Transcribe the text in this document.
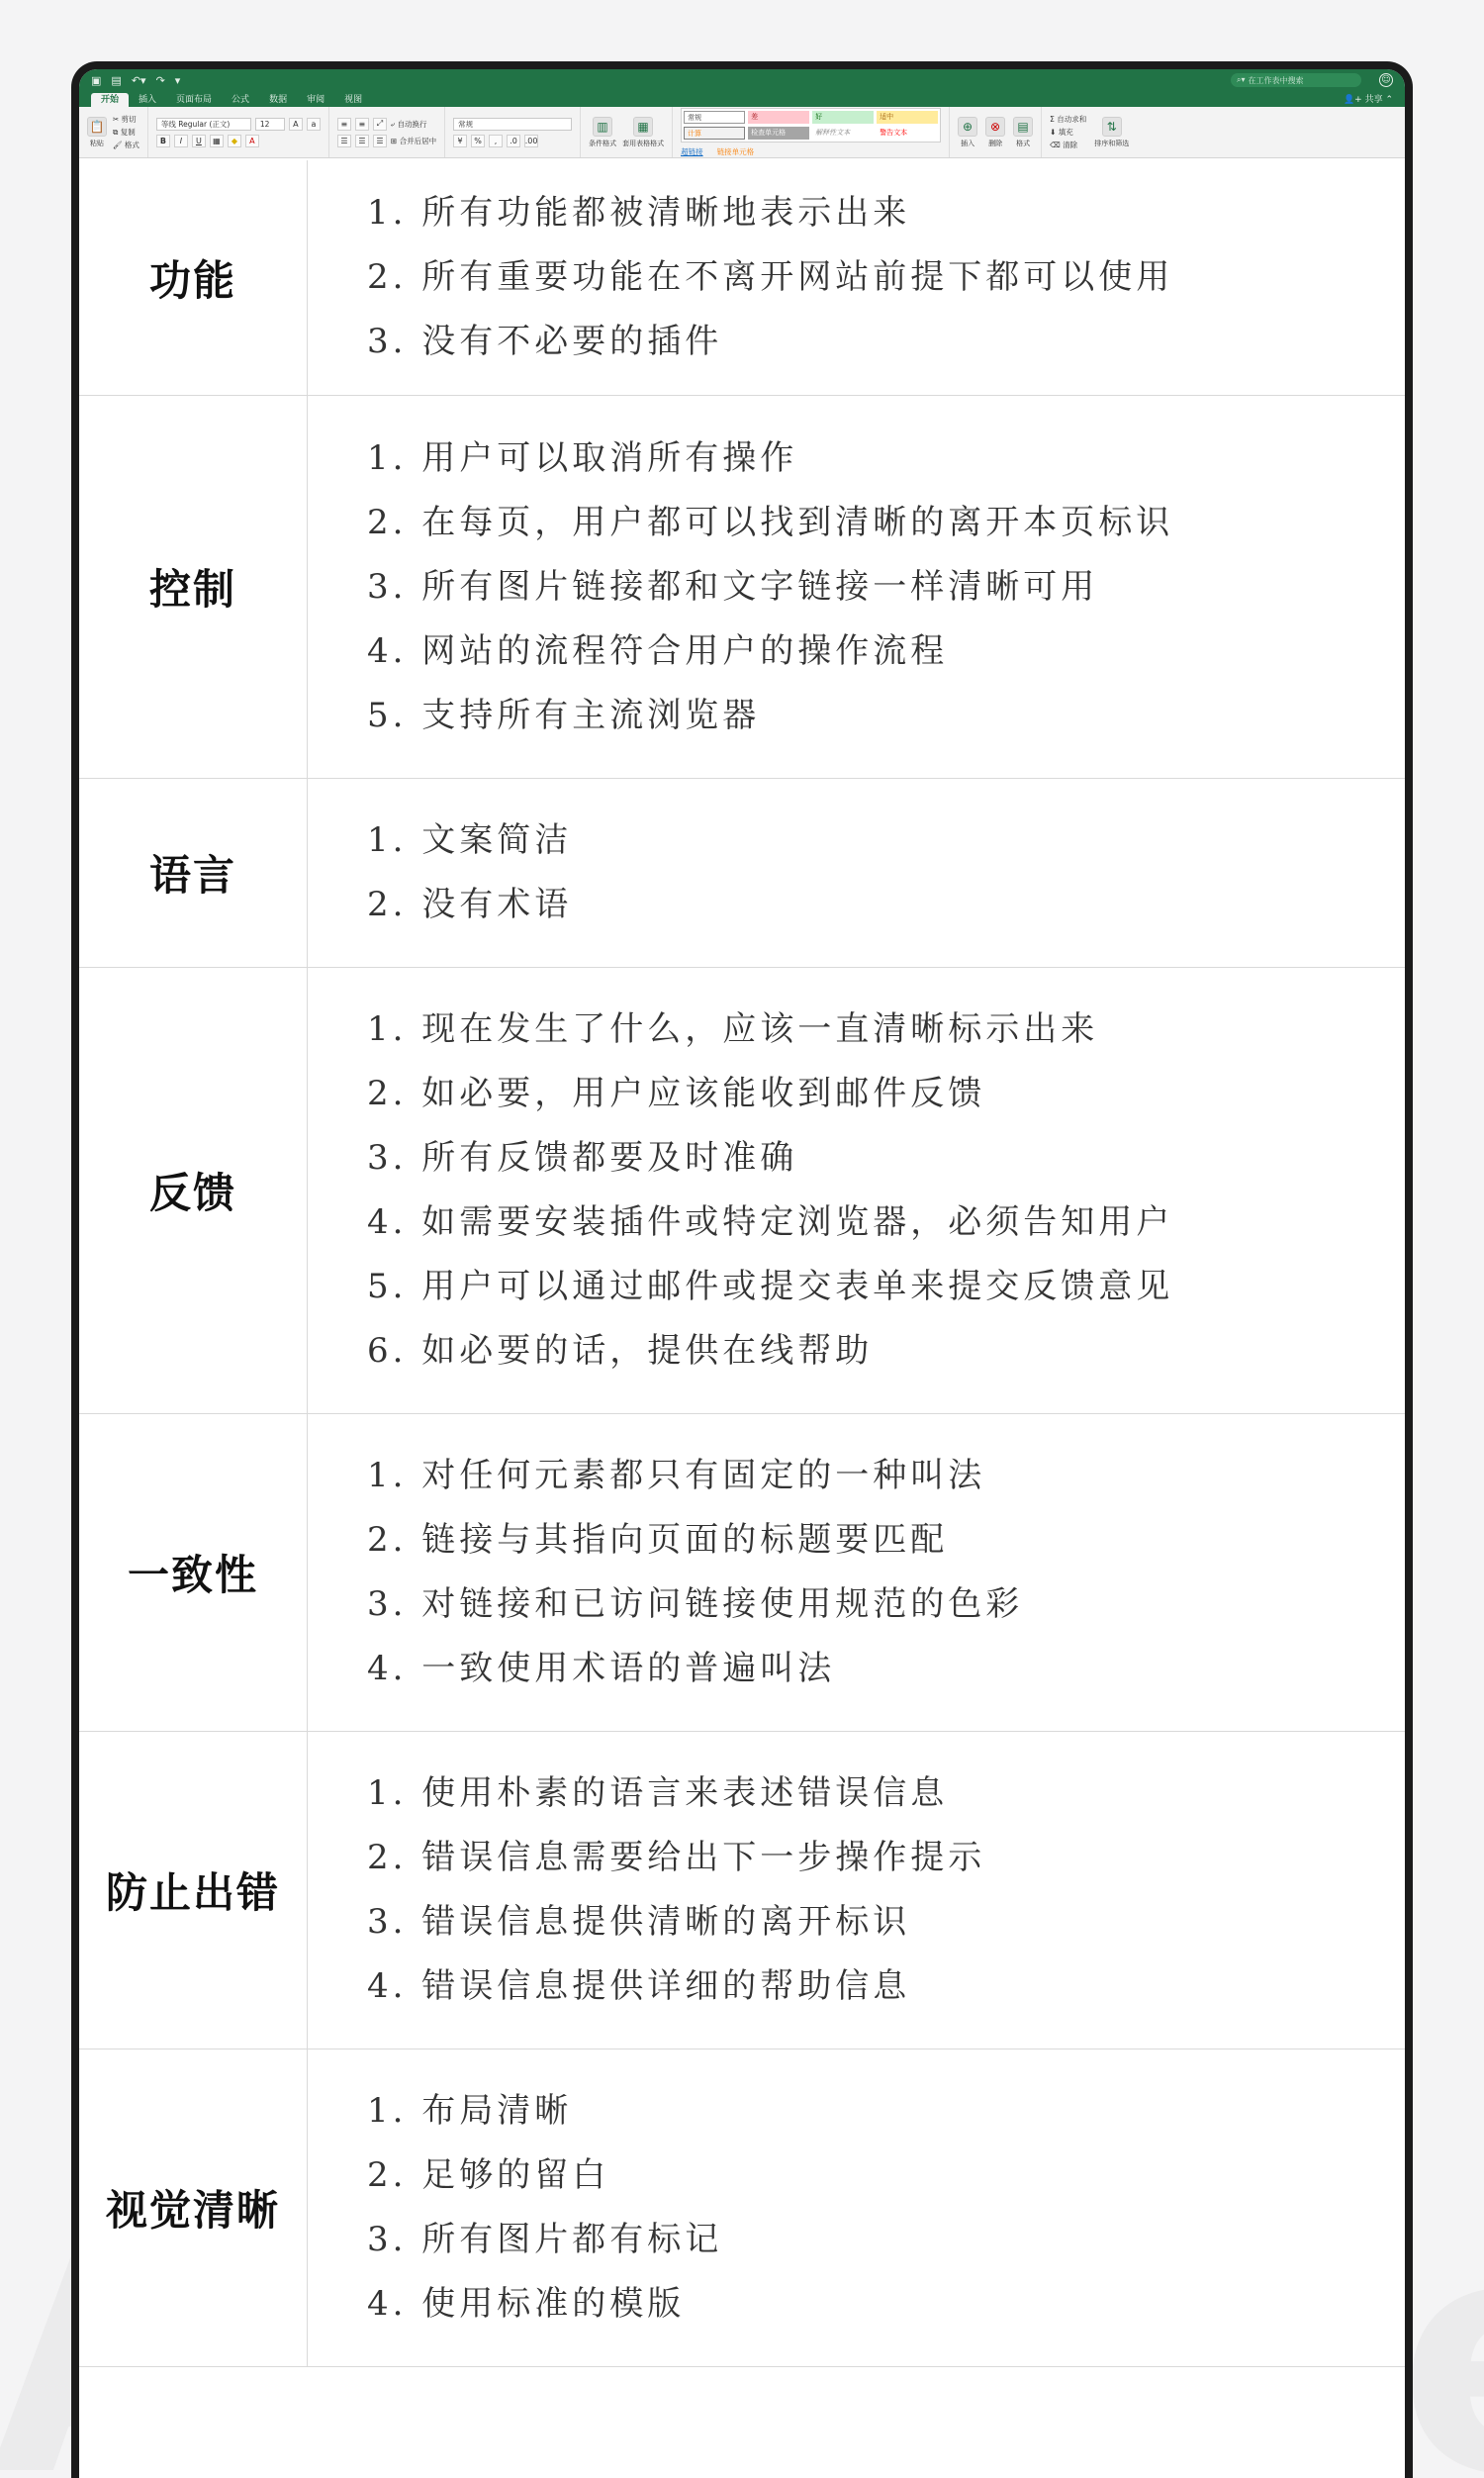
▣ ▤ ↶▾ ↷ ▾	⌕▾ 在工作表中搜索	☺
开始	插入	页面布局	公式	数据	审阅	视图	👤+ 共享 ⌃
📋
粘贴
✂ 剪切
⧉ 复制
🖌 格式
等线 Regular (正文)	12	A	a
B I U	▦	◆	A
≡	≡	⤢	⤶ 自动换行
☰	☰	☰ ⊞ 合并后居中
常规
¥	%	,	.0 .00
▥
条件格式
▦
套用表格格式
常规	差	好	适中
计算	检查单元格	解释性文本	警告文本
超链接 链接单元格
⊕
插入
⊗
删除
▤
格式
Σ 自动求和
⬇ 填充
⌫ 清除
⇅
排序和筛选
功能
1. 所有功能都被清晰地表示出来
2. 所有重要功能在不离开网站前提下都可以使用
3. 没有不必要的插件
控制
1. 用户可以取消所有操作
2. 在每页，用户都可以找到清晰的离开本页标识
3. 所有图片链接都和文字链接一样清晰可用
4. 网站的流程符合用户的操作流程
5. 支持所有主流浏览器
语言
1. 文案简洁
2. 没有术语
反馈
1. 现在发生了什么，应该一直清晰标示出来
2. 如必要，用户应该能收到邮件反馈
3. 所有反馈都要及时准确
4. 如需要安装插件或特定浏览器，必须告知用户
5. 用户可以通过邮件或提交表单来提交反馈意见
6. 如必要的话，提供在线帮助
一致性
1. 对任何元素都只有固定的一种叫法
2. 链接与其指向页面的标题要匹配
3. 对链接和已访问链接使用规范的色彩
4. 一致使用术语的普遍叫法
防止出错
1. 使用朴素的语言来表述错误信息
2. 错误信息需要给出下一步操作提示
3. 错误信息提供清晰的离开标识
4. 错误信息提供详细的帮助信息
视觉清晰
1. 布局清晰
2. 足够的留白
3. 所有图片都有标记
4. 使用标准的模版
